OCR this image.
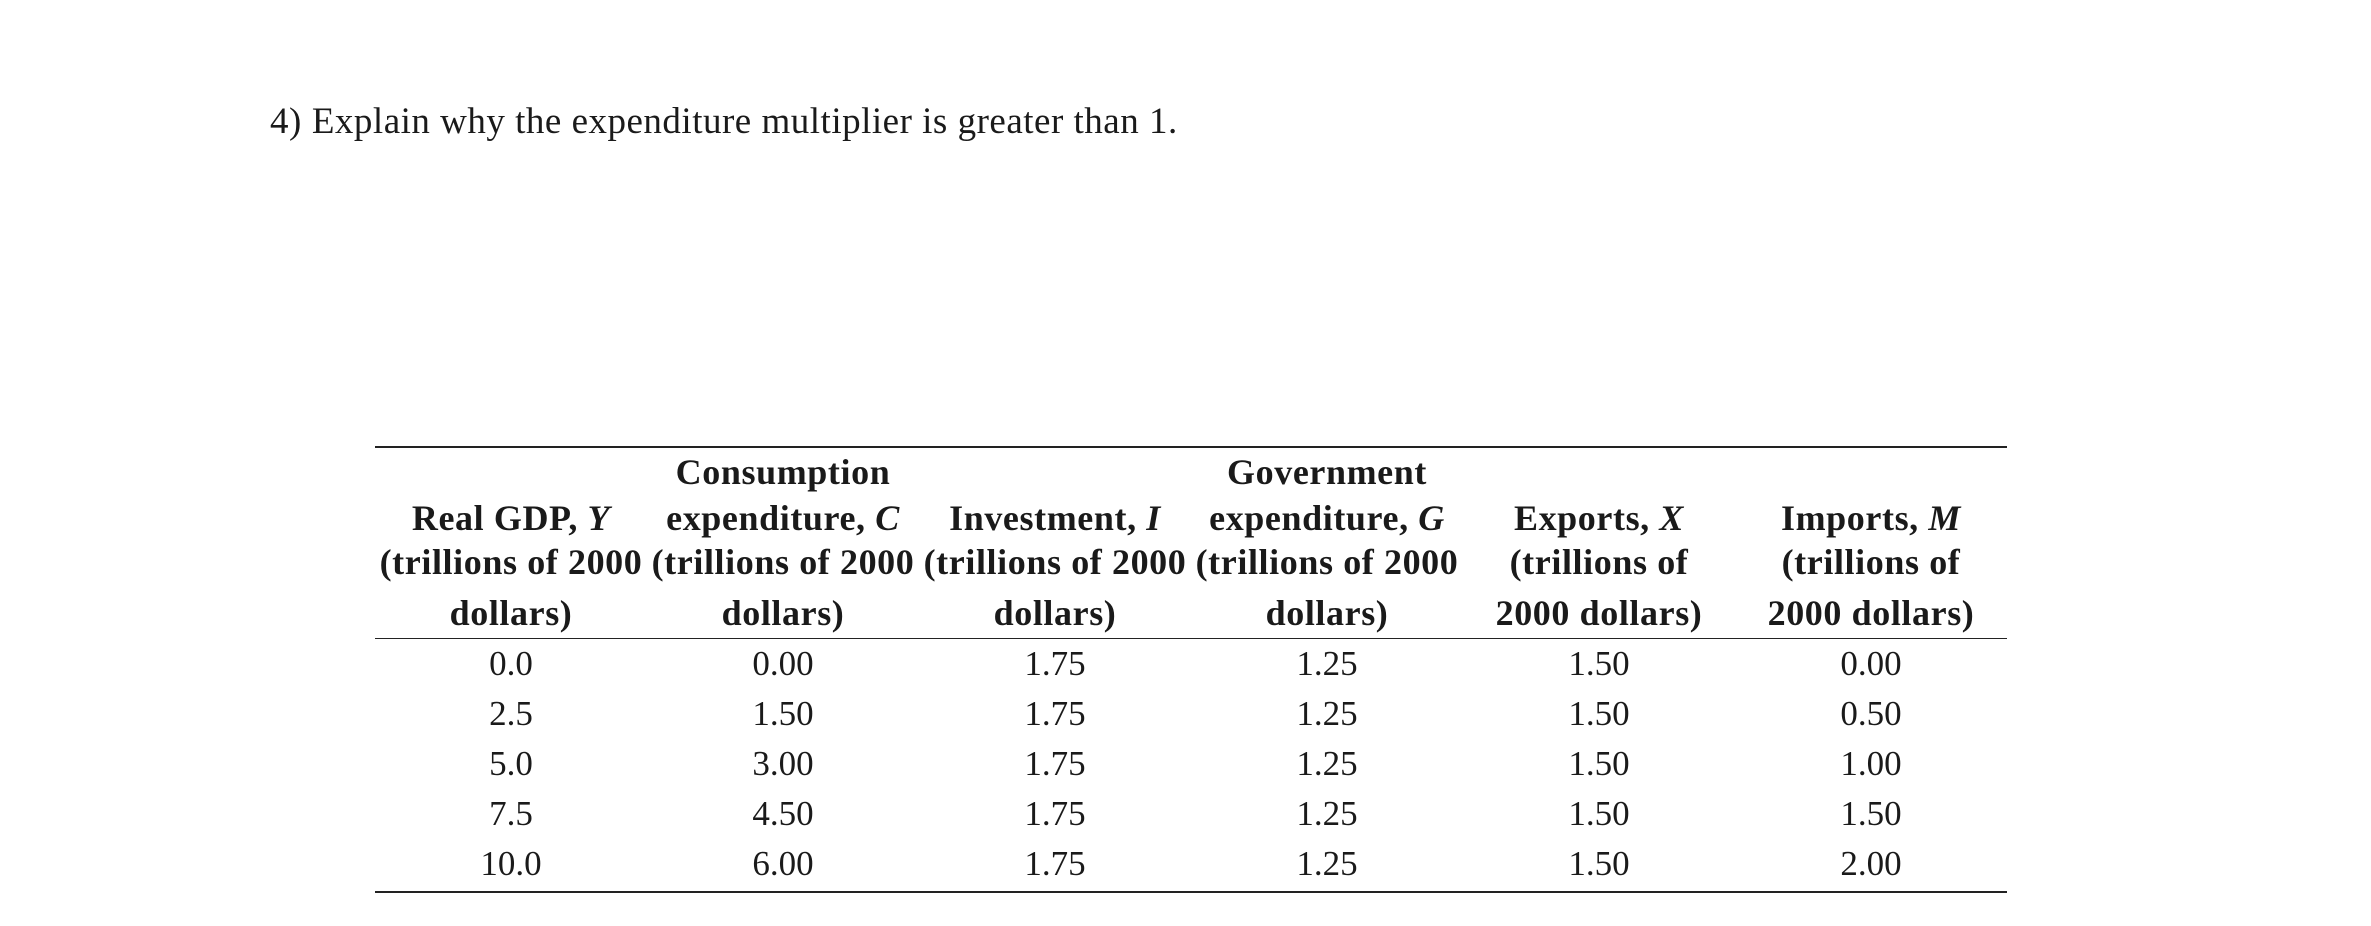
4) Explain why the expenditure multiplier is greater than 1.

	Consumption		Government		
Real GDP, Y	expenditure, C	Investment, I	expenditure, G	Exports, X	Imports, M
(trillions of 2000	(trillions of 2000	(trillions of 2000	(trillions of 2000	(trillions of	(trillions of
dollars)	dollars)	dollars)	dollars)	2000 dollars)	2000 dollars)
0.0	0.00	1.75	1.25	1.50	0.00
2.5	1.50	1.75	1.25	1.50	0.50
5.0	3.00	1.75	1.25	1.50	1.00
7.5	4.50	1.75	1.25	1.50	1.50
10.0	6.00	1.75	1.25	1.50	2.00
